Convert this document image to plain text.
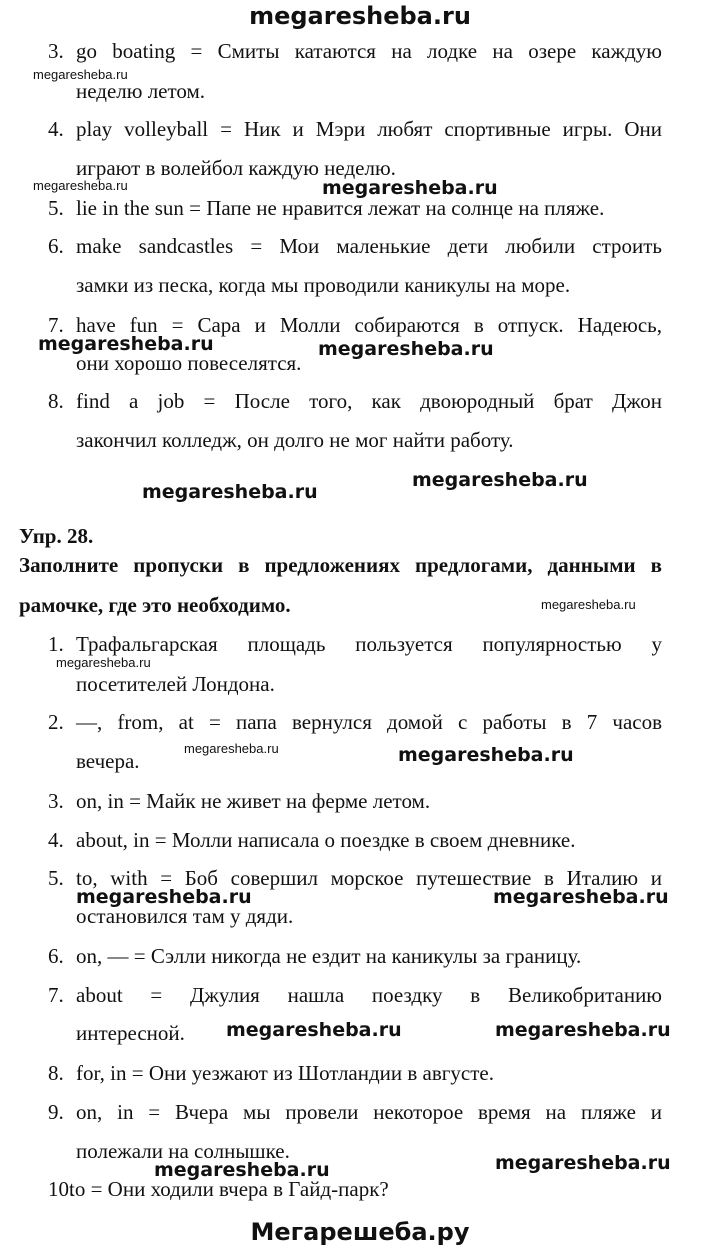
megaresheba.ru
3. go boating = Смиты катаются на лодке на озере каждую
неделю летом.
4. play volleyball = Ник и Мэри любят спортивные игры. Они
играют в волейбол каждую неделю.
5. lie in the sun = Папе не нравится лежат на солнце на пляже.
6. make sandcastles = Мои маленькие дети любили строить
замки из песка, когда мы проводили каникулы на море.
7. have fun = Сара и Молли собираются в отпуск. Надеюсь,
они хорошо повеселятся.
8. find a job = После того, как двоюродный брат Джон
закончил колледж, он долго не мог найти работу.
Упр. 28.
Заполните пропуски в предложениях предлогами, данными в
рамочке, где это необходимо.
1. Трафальгарская площадь пользуется популярностью у
посетителей Лондона.
2. —, from, at = папа вернулся домой с работы в 7 часов
вечера.
3. on, in = Майк не живет на ферме летом.
4. about, in = Молли написала о поездке в своем дневнике.
5. to, with = Боб совершил морское путешествие в Италию и
остановился там у дяди.
6. on, — = Сэлли никогда не ездит на каникулы за границу.
7. about = Джулия нашла поездку в Великобританию
интересной.
8. for, in = Они уезжают из Шотландии в августе.
9. on, in = Вчера мы провели некоторое время на пляже и
полежали на солнышке.
10.to = Они ходили вчера в Гайд-парк?
megaresheba.ru
megaresheba.ru	megaresheba.ru
megaresheba.ru	megaresheba.ru
megaresheba.ru
megaresheba.ru
megaresheba.ru
megaresheba.ru
megaresheba.ru	megaresheba.ru
megaresheba.ru	megaresheba.ru
megaresheba.ru	megaresheba.ru
megaresheba.ru	megaresheba.ru
Мегарешеба.ру
